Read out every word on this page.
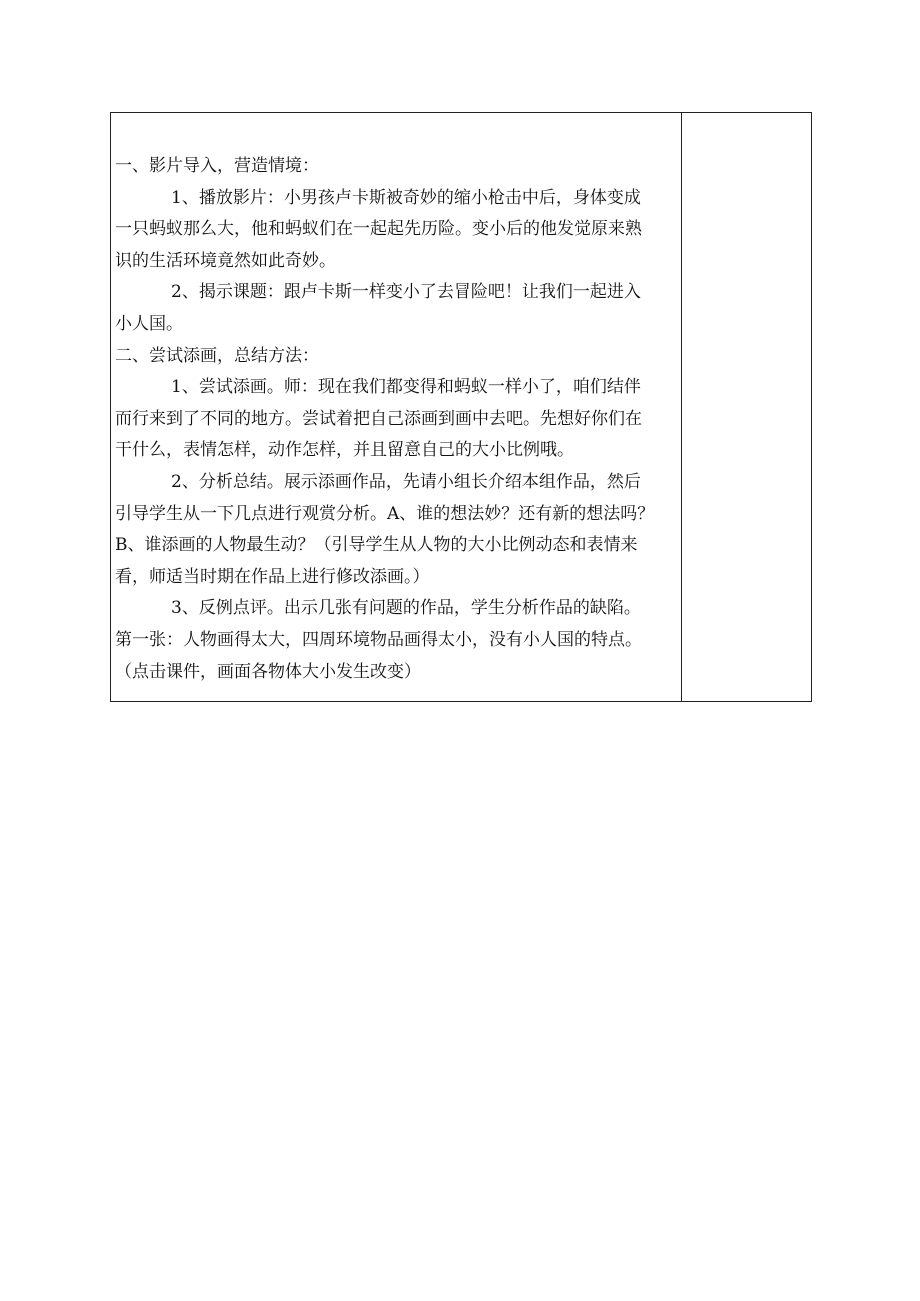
一、影片导入，营造情境：

1、播放影片：小男孩卢卡斯被奇妙的缩小枪击中后，身体变成

一只蚂蚁那么大，他和蚂蚁们在一起起先历险。变小后的他发觉原来熟

识的生活环境竟然如此奇妙。

2、揭示课题：跟卢卡斯一样变小了去冒险吧！让我们一起进入

小人国。

二、尝试添画，总结方法：

1、尝试添画。师：现在我们都变得和蚂蚁一样小了，咱们结伴

而行来到了不同的地方。尝试着把自己添画到画中去吧。先想好你们在

干什么，表情怎样，动作怎样，并且留意自己的大小比例哦。

2、分析总结。展示添画作品，先请小组长介绍本组作品，然后

引导学生从一下几点进行观赏分析。A、谁的想法妙？还有新的想法吗？

B、谁添画的人物最生动？（引导学生从人物的大小比例动态和表情来

看，师适当时期在作品上进行修改添画。）

3、反例点评。出示几张有问题的作品，学生分析作品的缺陷。

第一张：人物画得太大，四周环境物品画得太小，没有小人国的特点。

（点击课件，画面各物体大小发生改变）
